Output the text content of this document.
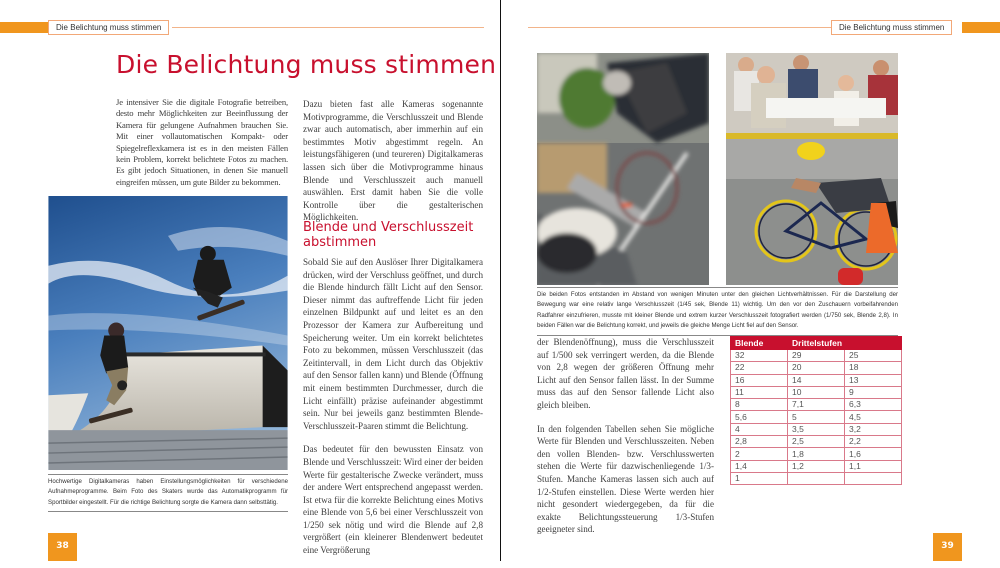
Die Belichtung muss stimmen
Die Belichtung muss stimmen

Je intensiver Sie die digitale Fotografie betreiben, desto mehr Möglichkeiten zur Beeinflussung der Kamera für gelungene Aufnahmen brauchen Sie. Mit einer vollautomatischen Kompakt- oder Spiegelreflexkamera ist es in den meisten Fällen kein Problem, korrekt belichtete Fotos zu machen. Es gibt jedoch Situationen, in denen Sie manuell eingreifen müssen, um gute Bilder zu bekommen.

Dazu bieten fast alle Kameras sogenannte Motivprogramme, die Verschlusszeit und Blende zwar auch automatisch, aber immerhin auf ein bestimmtes Motiv abgestimmt regeln. An leistungsfähigeren (und teureren) Digitalkameras lassen sich über die Motivprogramme hinaus Blende und Verschlusszeit auch manuell auswählen. Erst damit haben Sie die volle Kontrolle über die gestalterischen Möglichkeiten.

Blende und Verschlusszeit abstimmen

Sobald Sie auf den Auslöser Ihrer Digitalkamera drücken, wird der Verschluss geöffnet, und durch die Blende hindurch fällt Licht auf den Sensor. Dieser nimmt das auftreffende Licht für jeden einzelnen Bildpunkt auf und leitet es an den Prozessor der Kamera zur Aufbereitung und Speicherung weiter. Um ein korrekt belichtetes Foto zu bekommen, müssen Verschlusszeit (das Zeitintervall, in dem Licht durch das Objektiv auf den Sensor fallen kann) und Blende (Öffnung mit einem bestimmten Durchmesser, durch die Licht einfällt) präzise aufeinander abgestimmt sein. Nur bei jeweils ganz bestimmten Blende-Verschlusszeit-Paaren stimmt die Belichtung.

Das bedeutet für den bewussten Einsatz von Blende und Verschlusszeit: Wird einer der beiden Werte für gestalterische Zwecke verändert, muss der andere Wert entsprechend angepasst werden. Ist etwa für die korrekte Belichtung eines Motivs eine Blende von 5,6 bei einer Verschlusszeit von 1/250 sek nötig und wird die Blende auf 2,8 vergrößert (ein kleinerer Blendenwert bedeutet eine Vergrößerung

Hochwertige Digitalkameras haben Einstellungsmöglichkeiten für verschiedene Aufnahmeprogramme. Beim Foto des Skaters wurde das Automatikprogramm für Sportbilder eingestellt. Für die richtige Belichtung sorgte die Kamera dann selbsttätig.
38
Die Belichtung muss stimmen
Die beiden Fotos entstanden im Abstand von wenigen Minuten unter den gleichen Lichtverhältnissen. Für die Darstellung der Bewegung war eine relativ lange Verschlusszeit (1/45 sek, Blende 11) wichtig. Um den vor den Zuschauern vorbeifahrenden Radfahrer einzufrieren, musste mit kleiner Blende und extrem kurzer Verschlusszeit fotografiert werden (1/750 sek, Blende 2,8). In beiden Fällen war die Belichtung korrekt, und jeweils die gleiche Menge Licht fiel auf den Sensor.

der Blendenöffnung), muss die Verschlusszeit auf 1/500 sek verringert werden, da die Blende von 2,8 wegen der größeren Öffnung mehr Licht auf den Sensor fallen lässt. In der Summe muss das auf den Sensor fallende Licht also gleich bleiben.

In den folgenden Tabellen sehen Sie mögliche Werte für Blenden und Verschlusszeiten. Neben den vollen Blenden- bzw. Verschlusswerten stehen die Werte für dazwischenliegende 1/3-Stufen. Manche Kameras lassen sich auch auf 1/2-Stufen einstellen. Diese Werte werden hier nicht gesondert wiedergegeben, da für die exakte Belichtungssteuerung 1/3-Stufen geeigneter sind.

Blende	Drittelstufen	
32	29	25
22	20	18
16	14	13
11	10	9
8	7,1	6,3
5,6	5	4,5
4	3,5	3,2
2,8	2,5	2,2
2	1,8	1,6
1,4	1,2	1,1
1		
39
